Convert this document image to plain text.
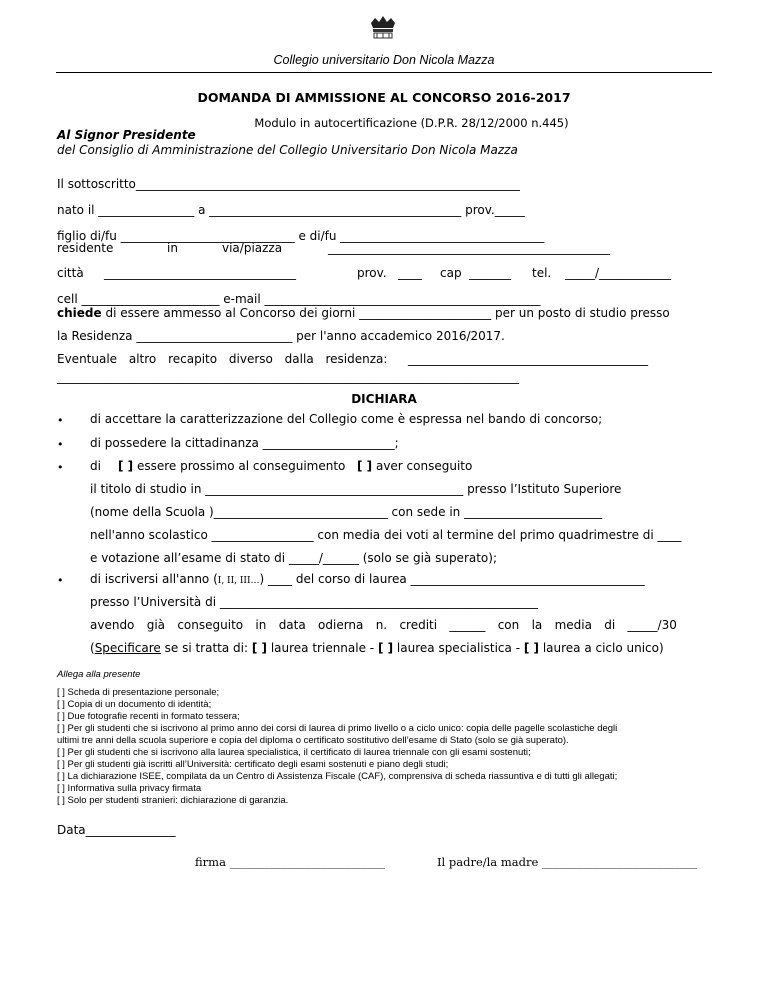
Collegio universitario Don Nicola Mazza
DOMANDA DI AMMISSIONE AL CONCORSO 2016-2017
Modulo in autocertificazione (D.P.R. 28/12/2000 n.445)
Al Signor Presidente
del Consiglio di Amministrazione del Collegio Universitario Don Nicola Mazza
Il sottoscritto________________________________________________________________
nato il ________________ a __________________________________________ prov._____
figlio di/fu _____________________________ e di/fu __________________________________
residente	in	via/piazza	_______________________________________________
città ________________________________	prov. ____ cap _______ tel. _____/____________
cell _______________________ e-mail ______________________________________________
chiede di essere ammesso al Concorso dei giorni ______________________ per un posto di studio presso
la Residenza __________________________ per l'anno accademico 2016/2017.
Eventuale altro recapito diverso dalla residenza: ________________________________________
_____________________________________________________________________________
DICHIARA
• di accettare la caratterizzazione del Collegio come è espressa nel bando di concorso;
• di possedere la cittadinanza ______________________;
• di [ ] essere prossimo al conseguimento [ ] aver conseguito
il titolo di studio in ___________________________________________ presso l’Istituto Superiore
(nome della Scuola )_____________________________ con sede in _______________________
nell'anno scolastico _________________ con media dei voti al termine del primo quadrimestre di ____
e votazione all’esame di stato di _____/______ (solo se già superato);
• di iscriversi all'anno (I, II, III…) ____ del corso di laurea _______________________________________
presso l’Università di _____________________________________________________
avendo già conseguito in data odierna n. crediti ______ con la media di _____/30
(Specificare se si tratta di: [ ] laurea triennale - [ ] laurea specialistica - [ ] laurea a ciclo unico)
Allega alla presente
[ ] Scheda di presentazione personale;
[ ] Copia di un documento di identità;
[ ] Due fotografie recenti in formato tessera;
[ ] Per gli studenti che si iscrivono al primo anno dei corsi di laurea di primo livello o a ciclo unico: copia delle pagelle scolastiche degli
ultimi tre anni della scuola superiore e copia del diploma o certificato sostitutivo dell’esame di Stato (solo se già superato).
[ ] Per gli studenti che si iscrivono alla laurea specialistica, il certificato di laurea triennale con gli esami sostenuti;
[ ] Per gli studenti già iscritti all’Università: certificato degli esami sostenuti e piano degli studi;
[ ] La dichiarazione ISEE, compilata da un Centro di Assistenza Fiscale (CAF), comprensiva di scheda riassuntiva e di tutti gli allegati;
[ ] Informativa sulla privacy firmata
[ ] Solo per studenti stranieri: dichiarazione di garanzia.
Data_______________
firma ___________________________	Il padre/la madre ___________________________
